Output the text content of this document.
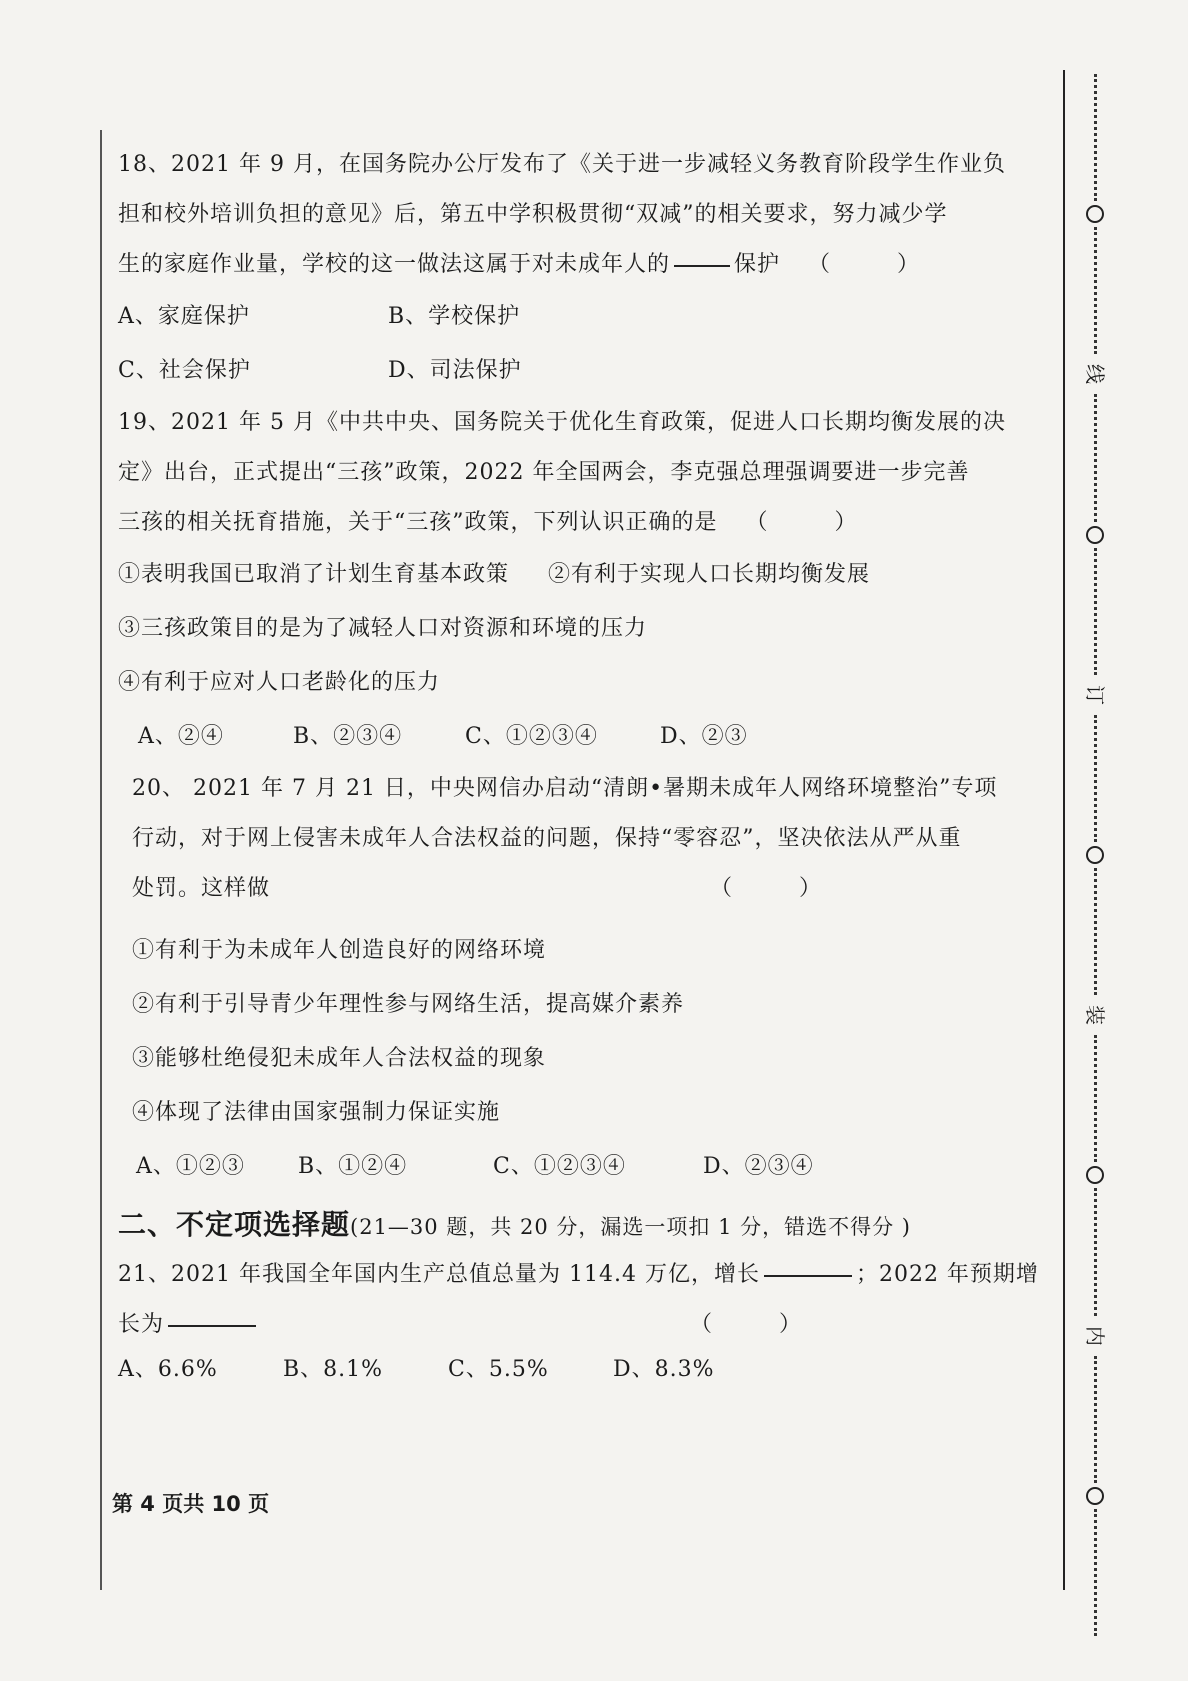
线
订
装
内
18、2021 年 9 月，在国务院办公厅发布了《关于进一步减轻义务教育阶段学生作业负
担和校外培训负担的意见》后，第五中学积极贯彻“双减”的相关要求，努力减少学
生的家庭作业量，学校的这一做法这属于对未成年人的	保护 （ ）
A、家庭保护	B、学校保护
C、社会保护	D、司法保护
19、2021 年 5 月《中共中央、国务院关于优化生育政策，促进人口长期均衡发展的决
定》出台，正式提出“三孩”政策，2022 年全国两会，李克强总理强调要进一步完善
三孩的相关抚育措施，关于“三孩”政策，下列认识正确的是 （ ）
①表明我国已取消了计划生育基本政策	②有利于实现人口长期均衡发展
③三孩政策目的是为了减轻人口对资源和环境的压力
④有利于应对人口老龄化的压力
A、②④	B、②③④	C、①②③④	D、②③
20、 2021 年 7 月 21 日，中央网信办启动“清朗•暑期未成年人网络环境整治”专项
行动，对于网上侵害未成年人合法权益的问题，保持“零容忍”，坚决依法从严从重
处罚。这样做	（ ）
①有利于为未成年人创造良好的网络环境
②有利于引导青少年理性参与网络生活，提高媒介素养
③能够杜绝侵犯未成年人合法权益的现象
④体现了法律由国家强制力保证实施
A、①②③	B、①②④	C、①②③④	D、②③④
二、不定项选择题(21—30 题，共 20 分，漏选一项扣 1 分，错选不得分 )
21、2021 年我国全年国内生产总值总量为 114.4 万亿，增长	；2022 年预期增
长为	（ ）
A、6.6%	B、8.1%	C、5.5%	D、8.3%
第 4 页共 10 页
